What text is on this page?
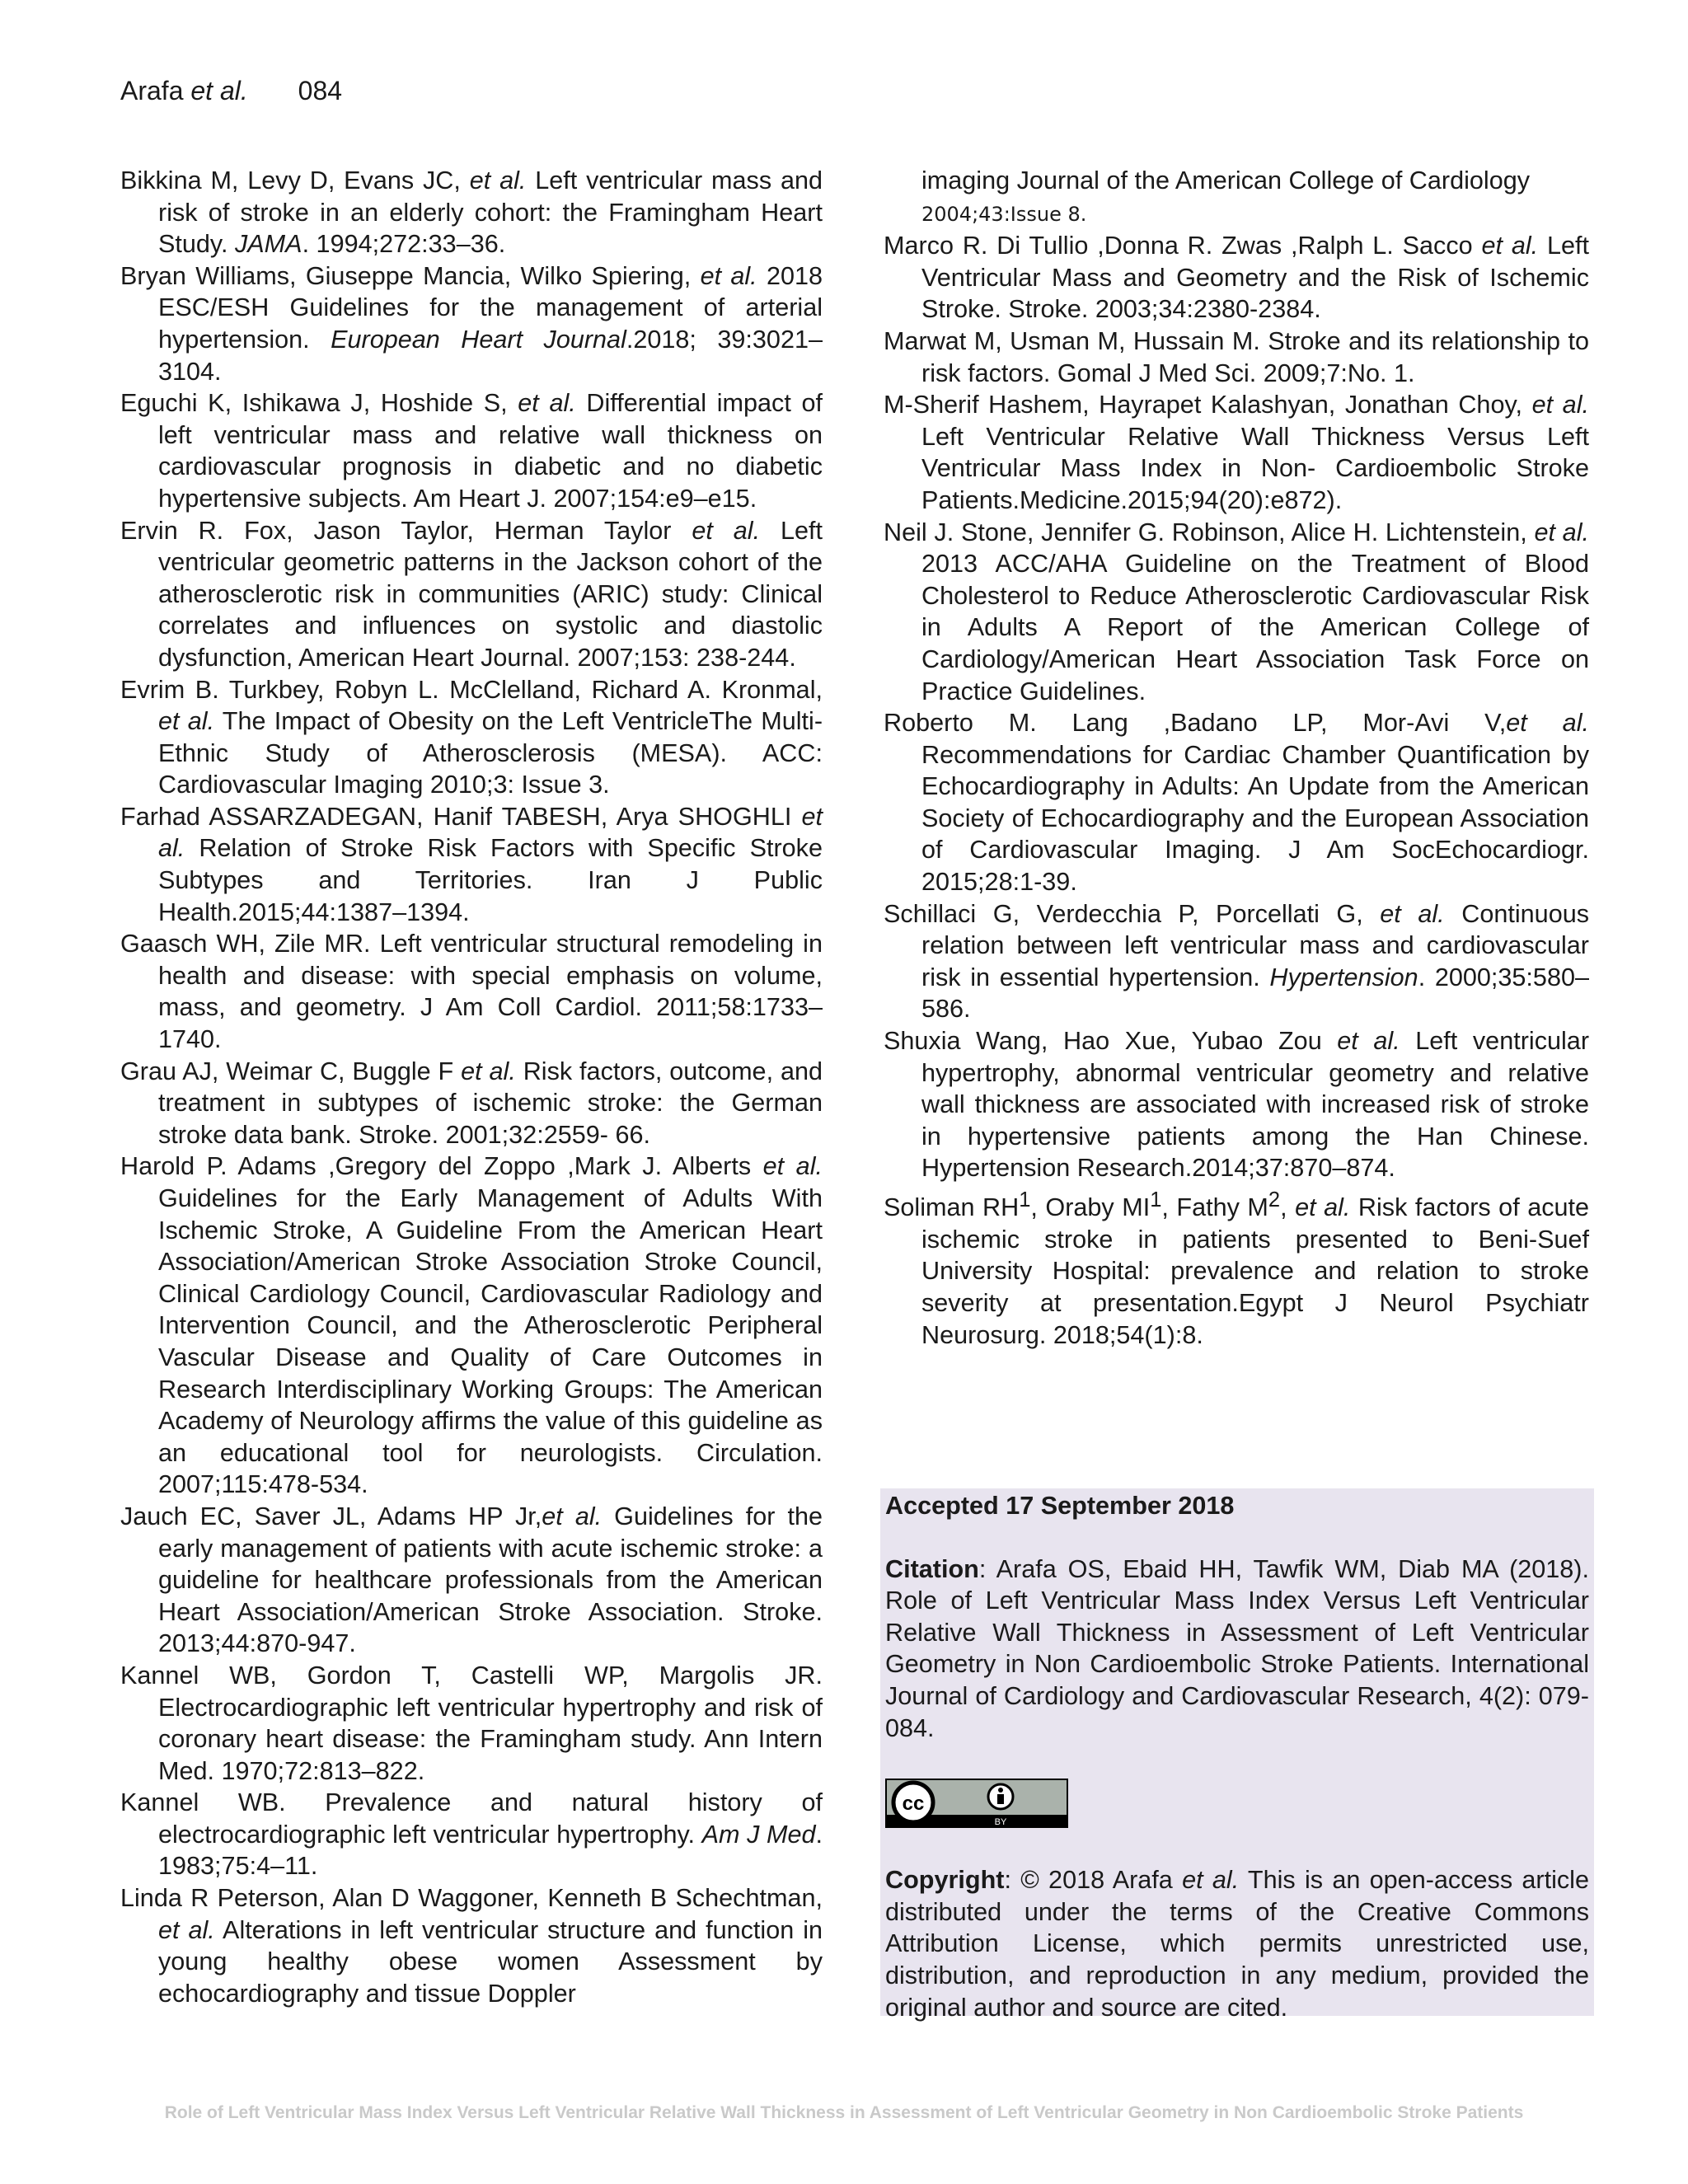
Arafa et al. 084

Bikkina M, Levy D, Evans JC, et al. Left ventricular mass and risk of stroke in an elderly cohort: the Framingham Heart Study. JAMA. 1994;272:33–36.

Bryan Williams, Giuseppe Mancia, Wilko Spiering, et al. 2018 ESC/ESH Guidelines for the management of arterial hypertension. European Heart Journal.2018; 39:3021–3104.

Eguchi K, Ishikawa J, Hoshide S, et al. Differential impact of left ventricular mass and relative wall thickness on cardiovascular prognosis in diabetic and no diabetic hypertensive subjects. Am Heart J. 2007;154:e9–e15.

Ervin R. Fox, Jason Taylor, Herman Taylor et al. Left ventricular geometric patterns in the Jackson cohort of the atherosclerotic risk in communities (ARIC) study: Clinical correlates and influences on systolic and diastolic dysfunction, American Heart Journal. 2007;153: 238-244.

Evrim B. Turkbey, Robyn L. McClelland, Richard A. Kronmal, et al. The Impact of Obesity on the Left VentricleThe Multi-Ethnic Study of Atherosclerosis (MESA). ACC: Cardiovascular Imaging 2010;3: Issue 3.

Farhad ASSARZADEGAN, Hanif TABESH, Arya SHOGHLI et al. Relation of Stroke Risk Factors with Specific Stroke Subtypes and Territories. Iran J Public Health.2015;44:1387–1394.

Gaasch WH, Zile MR. Left ventricular structural remodeling in health and disease: with special emphasis on volume, mass, and geometry. J Am Coll Cardiol. 2011;58:1733–1740.

Grau AJ, Weimar C, Buggle F et al. Risk factors, outcome, and treatment in subtypes of ischemic stroke: the German stroke data bank. Stroke. 2001;32:2559- 66.

Harold P. Adams ,Gregory del Zoppo ,Mark J. Alberts et al. Guidelines for the Early Management of Adults With Ischemic Stroke, A Guideline From the American Heart Association/American Stroke Association Stroke Council, Clinical Cardiology Council, Cardiovascular Radiology and Intervention Council, and the Atherosclerotic Peripheral Vascular Disease and Quality of Care Outcomes in Research Interdisciplinary Working Groups: The American Academy of Neurology affirms the value of this guideline as an educational tool for neurologists. Circulation. 2007;115:478-534.

Jauch EC, Saver JL, Adams HP Jr,et al. Guidelines for the early management of patients with acute ischemic stroke: a guideline for healthcare professionals from the American Heart Association/American Stroke Association. Stroke. 2013;44:870-947.

Kannel WB, Gordon T, Castelli WP, Margolis JR. Electrocardiographic left ventricular hypertrophy and risk of coronary heart disease: the Framingham study. Ann Intern Med. 1970;72:813–822.

Kannel WB. Prevalence and natural history of electrocardiographic left ventricular hypertrophy. Am J Med. 1983;75:4–11.

Linda R Peterson, Alan D Waggoner, Kenneth B Schechtman, et al. Alterations in left ventricular structure and function in young healthy obese women Assessment by echocardiography and tissue Doppler

imaging Journal of the American College of Cardiology
2004;43:Issue 8.

Marco R. Di Tullio ,Donna R. Zwas ,Ralph L. Sacco et al. Left Ventricular Mass and Geometry and the Risk of Ischemic Stroke. Stroke. 2003;34:2380-2384.

Marwat M, Usman M, Hussain M. Stroke and its relationship to risk factors. Gomal J Med Sci. 2009;7:No. 1.

M-Sherif Hashem, Hayrapet Kalashyan, Jonathan Choy, et al. Left Ventricular Relative Wall Thickness Versus Left Ventricular Mass Index in Non- Cardioembolic Stroke Patients.Medicine.2015;94(20):e872).

Neil J. Stone, Jennifer G. Robinson, Alice H. Lichtenstein, et al. 2013 ACC/AHA Guideline on the Treatment of Blood Cholesterol to Reduce Atherosclerotic Cardiovascular Risk in Adults A Report of the American College of Cardiology/American Heart Association Task Force on Practice Guidelines.

Roberto M. Lang ,Badano LP, Mor-Avi V,et al. Recommendations for Cardiac Chamber Quantification by Echocardiography in Adults: An Update from the American Society of Echocardiography and the European Association of Cardiovascular Imaging. J Am SocEchocardiogr. 2015;28:1-39.

Schillaci G, Verdecchia P, Porcellati G, et al. Continuous relation between left ventricular mass and cardiovascular risk in essential hypertension. Hypertension. 2000;35:580–586.

Shuxia Wang, Hao Xue, Yubao Zou et al. Left ventricular hypertrophy, abnormal ventricular geometry and relative wall thickness are associated with increased risk of stroke in hypertensive patients among the Han Chinese. Hypertension Research.2014;37:870–874.

Soliman $RH^1$, Oraby $MI^1$, Fathy $M^2$, et al. Risk factors of acute ischemic stroke in patients presented to Beni-Suef University Hospital: prevalence and relation to stroke severity at presentation.Egypt J Neurol Psychiatr Neurosurg. 2018;54(1):8.

Accepted 17 September 2018

Citation: Arafa OS, Ebaid HH, Tawfik WM, Diab MA (2018). Role of Left Ventricular Mass Index Versus Left Ventricular Relative Wall Thickness in Assessment of Left Ventricular Geometry in Non Cardioembolic Stroke Patients. International Journal of Cardiology and Cardiovascular Research, 4(2): 079-084.

cc
BY

Copyright: © 2018 Arafa et al. This is an open-access article distributed under the terms of the Creative Commons Attribution License, which permits unrestricted use, distribution, and reproduction in any medium, provided the original author and source are cited.

Role of Left Ventricular Mass Index Versus Left Ventricular Relative Wall Thickness in Assessment of Left Ventricular Geometry in Non Cardioembolic Stroke Patients
